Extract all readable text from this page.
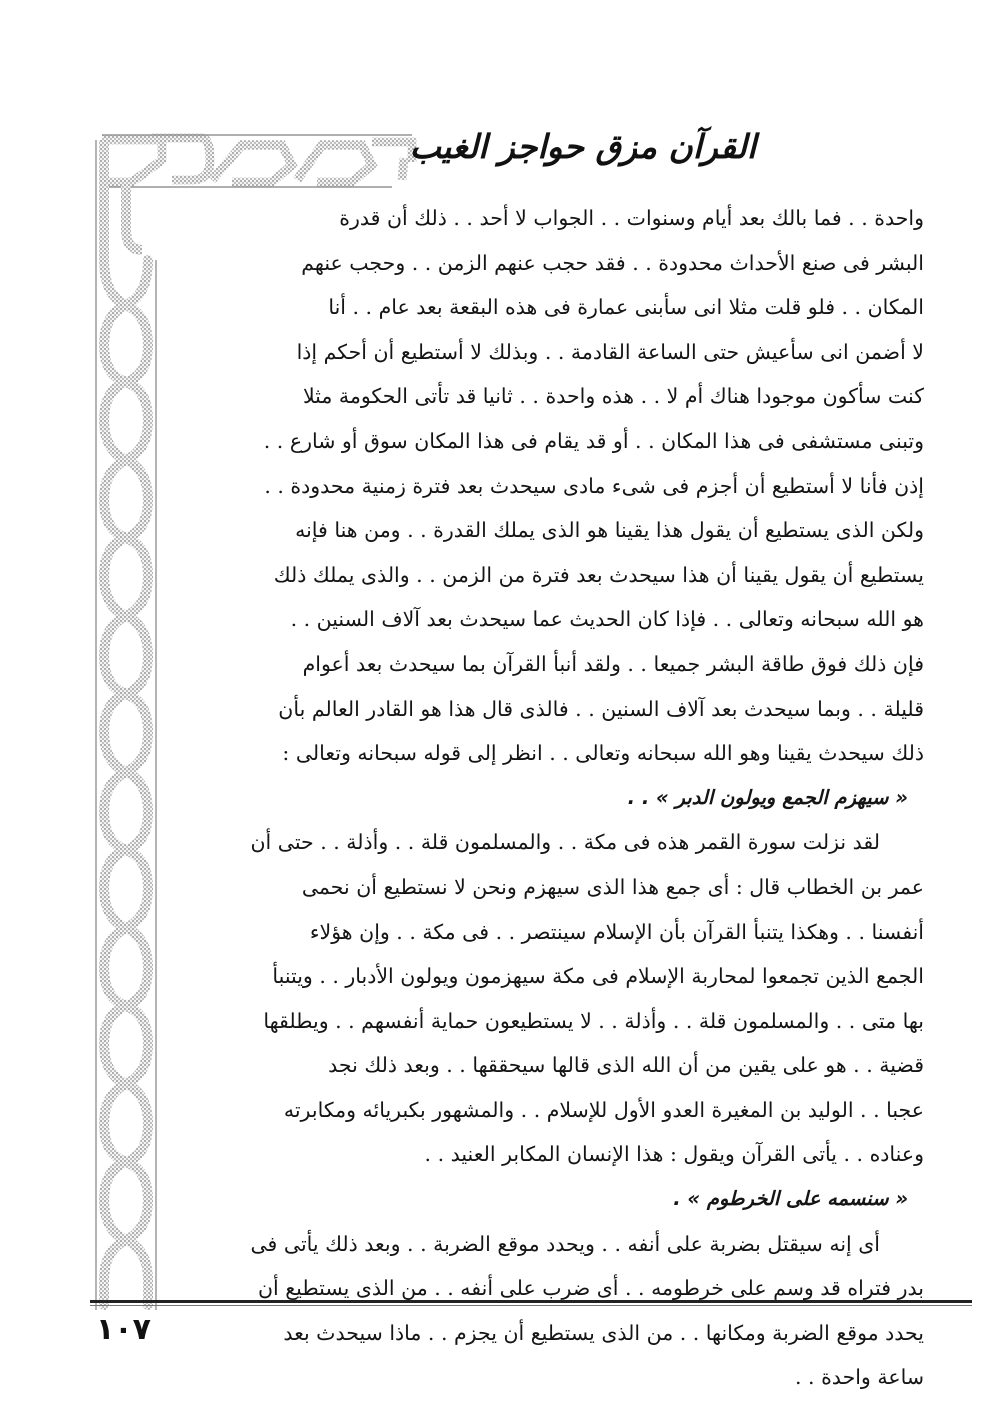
القرآن مزق حواجز الغيب
واحدة . . فما بالك بعد أيام وسنوات . . الجواب لا أحد . . ذلك أن قدرة
البشر فى صنع الأحداث محدودة . . فقد حجب عنهم الزمن . . وحجب عنهم
المكان . . فلو قلت مثلا انى سأبنى عمارة فى هذه البقعة بعد عام . . أنا
لا أضمن انى سأعيش حتى الساعة القادمة . . وبذلك لا أستطيع أن أحكم إذا
كنت سأكون موجودا هناك أم لا . . هذه واحدة . . ثانيا قد تأتى الحكومة مثلا
وتبنى مستشفى فى هذا المكان . . أو قد يقام فى هذا المكان سوق أو شارع . .
إذن فأنا لا أستطيع أن أجزم فى شىء مادى سيحدث بعد فترة زمنية محدودة . .
ولكن الذى يستطيع أن يقول هذا يقينا هو الذى يملك القدرة . . ومن هنا فإنه
يستطيع أن يقول يقينا أن هذا سيحدث بعد فترة من الزمن . . والذى يملك ذلك
هو الله سبحانه وتعالى . . فإذا كان الحديث عما سيحدث بعد آلاف السنين . .
فإن ذلك فوق طاقة البشر جميعا . . ولقد أنبأ القرآن بما سيحدث بعد أعوام
قليلة . . وبما سيحدث بعد آلاف السنين . . فالذى قال هذا هو القادر العالم بأن
ذلك سيحدث يقينا وهو الله سبحانه وتعالى . . انظر إلى قوله سبحانه وتعالى :
« سيهزم الجمع ويولون الدبر » . .
لقد نزلت سورة القمر هذه فى مكة . . والمسلمون قلة . . وأذلة . . حتى أن
عمر بن الخطاب قال : أى جمع هذا الذى سيهزم ونحن لا نستطيع أن نحمى
أنفسنا . . وهكذا يتنبأ القرآن بأن الإسلام سينتصر . . فى مكة . . وإن هؤلاء
الجمع الذين تجمعوا لمحاربة الإسلام فى مكة سيهزمون ويولون الأدبار . . ويتنبأ
بها متى . . والمسلمون قلة . . وأذلة . . لا يستطيعون حماية أنفسهم . . ويطلقها
قضية . . هو على يقين من أن الله الذى قالها سيحققها . . وبعد ذلك نجد
عجبا . . الوليد بن المغيرة العدو الأول للإسلام . . والمشهور بكبريائه ومكابرته
وعناده . . يأتى القرآن ويقول : هذا الإنسان المكابر العنيد . .
« سنسمه على الخرطوم » .
أى إنه سيقتل بضربة على أنفه . . ويحدد موقع الضربة . . وبعد ذلك يأتى فى
بدر فتراه قد وسم على خرطومه . . أى ضرب على أنفه . . من الذى يستطيع أن
يحدد موقع الضربة ومكانها . . من الذى يستطيع أن يجزم . . ماذا سيحدث بعد
ساعة واحدة . .
١٠٧
